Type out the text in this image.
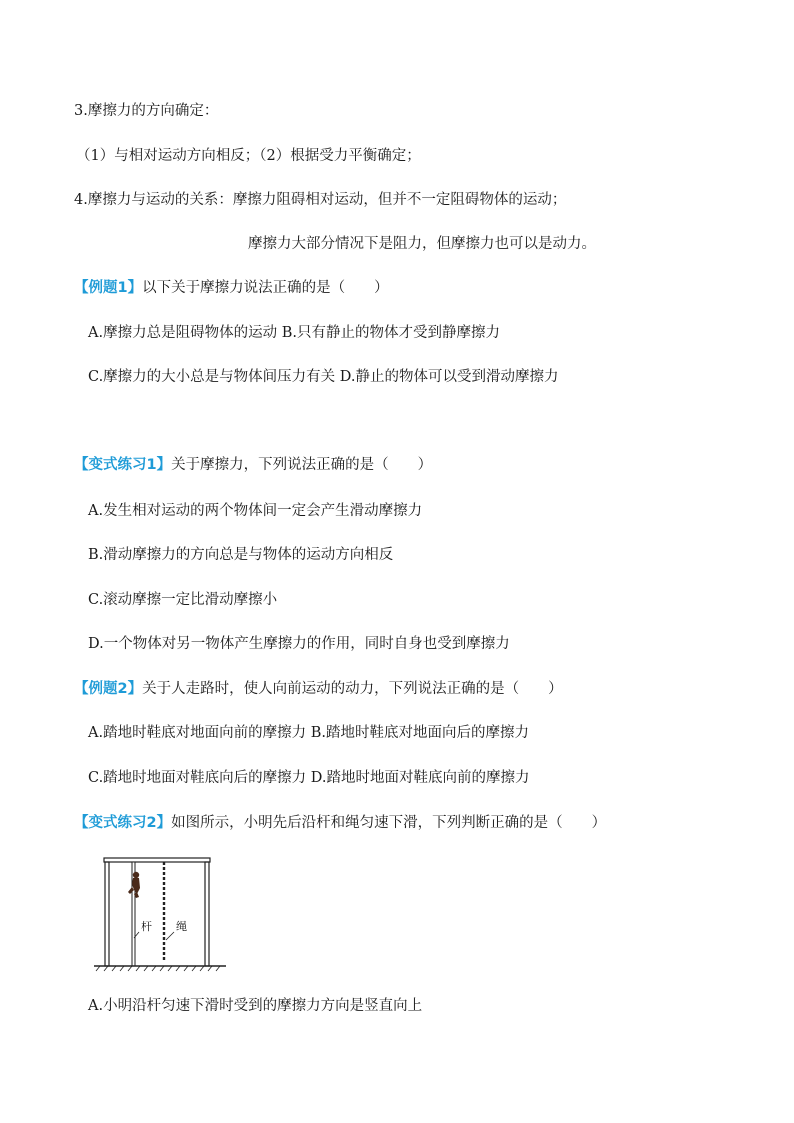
3.摩擦力的方向确定：
（1）与相对运动方向相反；（2）根据受力平衡确定；
4.摩擦力与运动的关系：摩擦力阻碍相对运动，但并不一定阻碍物体的运动；
摩擦力大部分情况下是阻力，但摩擦力也可以是动力。
【例题1】以下关于摩擦力说法正确的是（　　）
A.摩擦力总是阻碍物体的运动 B.只有静止的物体才受到静摩擦力
C.摩擦力的大小总是与物体间压力有关 D.静止的物体可以受到滑动摩擦力
【变式练习1】关于摩擦力，下列说法正确的是（　　）
A.发生相对运动的两个物体间一定会产生滑动摩擦力
B.滑动摩擦力的方向总是与物体的运动方向相反
C.滚动摩擦一定比滑动摩擦小
D.一个物体对另一物体产生摩擦力的作用，同时自身也受到摩擦力
【例题2】关于人走路时，使人向前运动的动力，下列说法正确的是（　　）
A.踏地时鞋底对地面向前的摩擦力 B.踏地时鞋底对地面向后的摩擦力
C.踏地时地面对鞋底向后的摩擦力 D.踏地时地面对鞋底向前的摩擦力
【变式练习2】如图所示，小明先后沿杆和绳匀速下滑，下列判断正确的是（　　）
杆 绳
A.小明沿杆匀速下滑时受到的摩擦力方向是竖直向上
